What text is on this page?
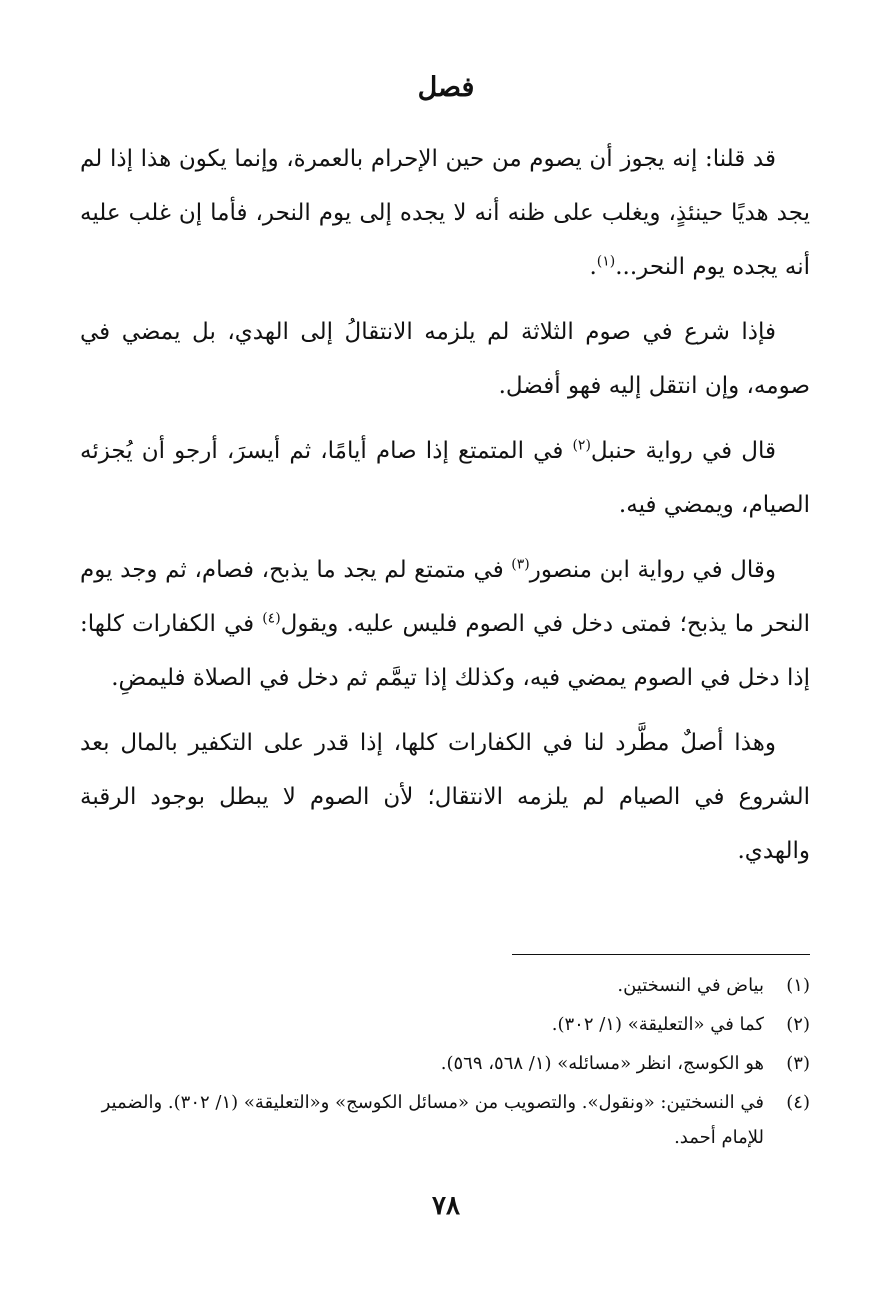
فصل

قد قلنا: إنه يجوز أن يصوم من حين الإحرام بالعمرة، وإنما يكون هذا إذا لم يجد هديًا حينئذٍ، ويغلب على ظنه أنه لا يجده إلى يوم النحر، فأما إن غلب عليه أنه يجده يوم النحر...$^{(١)}$.

فإذا شرع في صوم الثلاثة لم يلزمه الانتقالُ إلى الهدي، بل يمضي في صومه، وإن انتقل إليه فهو أفضل.

قال في رواية حنبل$^{(٢)}$ في المتمتع إذا صام أيامًا، ثم أيسرَ، أرجو أن يُجزئه الصيام، ويمضي فيه.

وقال في رواية ابن منصور$^{(٣)}$ في متمتع لم يجد ما يذبح، فصام، ثم وجد يوم النحر ما يذبح؛ فمتى دخل في الصوم فليس عليه. ويقول$^{(٤)}$ في الكفارات كلها: إذا دخل في الصوم يمضي فيه، وكذلك إذا تيمَّم ثم دخل في الصلاة فليمضِ.

وهذا أصلٌ مطَّرد لنا في الكفارات كلها، إذا قدر على التكفير بالمال بعد الشروع في الصيام لم يلزمه الانتقال؛ لأن الصوم لا يبطل بوجود الرقبة والهدي.

(١)
بياض في النسختين.
(٢)
كما في «التعليقة» (١/ ٣٠٢).
(٣)
هو الكوسج، انظر «مسائله» (١/ ٥٦٨، ٥٦٩).
(٤)
في النسختين: «ونقول». والتصويب من «مسائل الكوسج» و«التعليقة» (١/ ٣٠٢). والضمير للإمام أحمد.
٧٨
